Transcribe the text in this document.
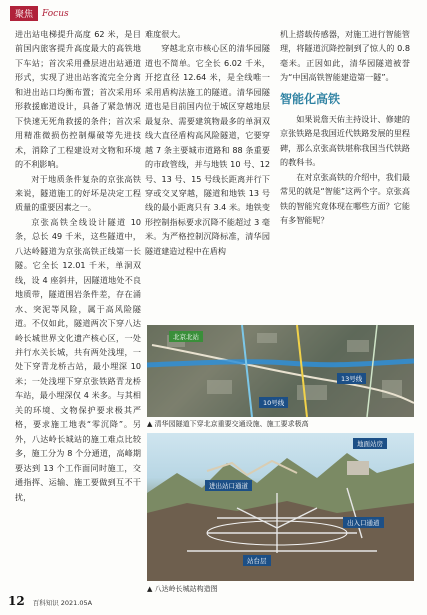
聚焦	Focus

进出站电梯提升高度 62 米，是目前国内旅客提升高度最大的高铁地下车站；首次采用叠层进出站通道形式，实现了进出站客流完全分离和进出站口均衡布置；首次采用环形救援廊道设计，具备了紧急情况下快速无死角救援的条件；首次采用精准微损伤控制爆破等先进技术，消除了工程建设对文物和环境的不利影响。

对于地质条件复杂的京张高铁来说，隧道施工的好坏是决定工程质量的重要因素之一。

京张高铁全线设计隧道 10 条，总长 49 千米，这些隧道中，八达岭隧道为京张高铁正线第一长隧。它全长 12.01 千米，单洞双线，设 4 座斜井，因隧道地处不良地质带，隧道围岩条件差，存在涌水、突泥等风险，属于高风险隧道。不仅如此，隧道两次下穿八达岭长城世界文化遗产核心区，一处并行水关长城，共有两处浅埋，一处下穿青龙桥古站，最小埋深 10 米；一处浅埋下穿京张铁路青龙桥车站，最小埋深仅 4 米多。与其相关的环境、文物保护要求极其严格，要求施工地表“零沉降”。另外，八达岭长城站的施工难点比较多，施工分为 8 个分通道，高峰期要达到 13 个工作面同时施工，交通指挥、运输、施工要做到互不干扰，

难度很大。

穿越北京市核心区的清华园隧道也不简单。它全长 6.02 千米，开挖直径 12.64 米，是全线唯一采用盾构法施工的隧道。清华园隧道也是目前国内位于城区穿越地层最复杂、需要建筑物最多的单洞双线大直径盾构高风险隧道，它要穿越 7 条主要城市道路和 88 条重要的市政管线，并与地铁 10 号、12 号、13 号、15 号线长距离并行下穿或交叉穿越，隧道和地铁 13 号线的最小距离只有 3.4 米。地铁变形控制指标要求沉降不能超过 3 毫米。为严格控制沉降标准，清华园隧道建造过程中在盾构

机上搭载传感器，对施工进行智能管理，将隧道沉降控制到了惊人的 0.8 毫米。正因如此，清华园隧道被誉为“中国高铁智能建造第一隧”。

智能化高铁

如果说詹天佑主持设计、修建的京张铁路是我国近代铁路发展的里程碑，那么京张高铁堪称我国当代铁路的教科书。

在对京张高铁的介绍中，我们最常见的就是“智能”这两个字。京张高铁的智能究竟体现在哪些方面？它能有多智能呢？

北京北站
13号线
10号线
▲ 清华园隧道下穿北京重要交通设施、施工要求极高
进出站口通道
出入口通道
地面站房
站台层
▲ 八达岭长城站构造图
12 百科知识 2021.05A
